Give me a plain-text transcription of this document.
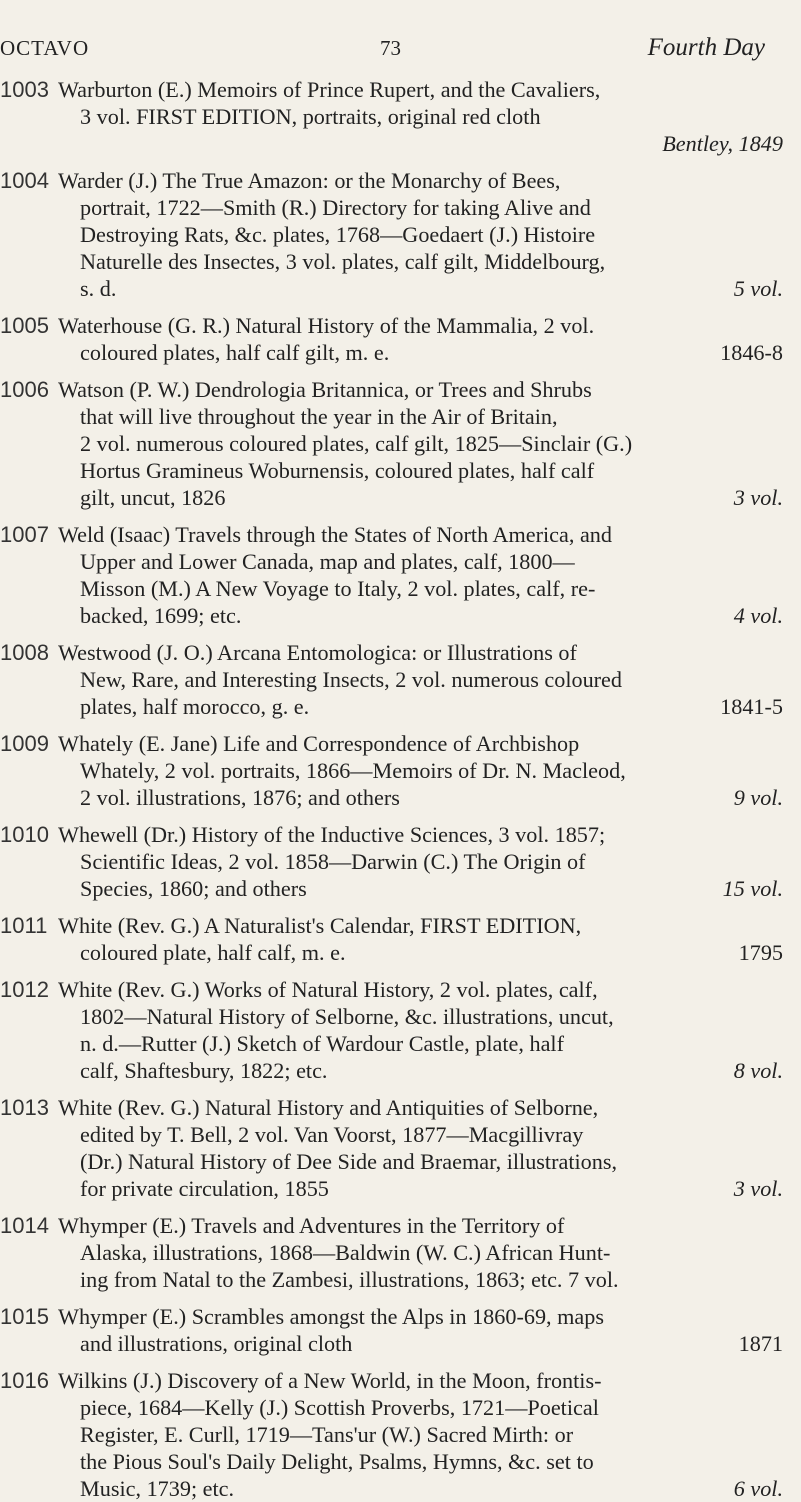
OCTAVO	73	Fourth Day
1003 Warburton (E.) Memoirs of Prince Rupert, and the Cavaliers,
3 vol. FIRST EDITION, portraits, original red cloth
Bentley, 1849
1004 Warder (J.) The True Amazon: or the Monarchy of Bees,
portrait, 1722—Smith (R.) Directory for taking Alive and
Destroying Rats, &c. plates, 1768—Goedaert (J.) Histoire
Naturelle des Insectes, 3 vol. plates, calf gilt, Middelbourg,
5 vol.
s. d.
1005 Waterhouse (G. R.) Natural History of the Mammalia, 2 vol.
1846-8
coloured plates, half calf gilt, m. e.
1006 Watson (P. W.) Dendrologia Britannica, or Trees and Shrubs
that will live throughout the year in the Air of Britain,
2 vol. numerous coloured plates, calf gilt, 1825—Sinclair (G.)
Hortus Gramineus Woburnensis, coloured plates, half calf
3 vol.
gilt, uncut, 1826
1007 Weld (Isaac) Travels through the States of North America, and
Upper and Lower Canada, map and plates, calf, 1800—
Misson (M.) A New Voyage to Italy, 2 vol. plates, calf, re-
4 vol.
backed, 1699; etc.
1008 Westwood (J. O.) Arcana Entomologica: or Illustrations of
New, Rare, and Interesting Insects, 2 vol. numerous coloured
1841-5
plates, half morocco, g. e.
1009 Whately (E. Jane) Life and Correspondence of Archbishop
Whately, 2 vol. portraits, 1866—Memoirs of Dr. N. Macleod,
9 vol.
2 vol. illustrations, 1876; and others
1010 Whewell (Dr.) History of the Inductive Sciences, 3 vol. 1857;
Scientific Ideas, 2 vol. 1858—Darwin (C.) The Origin of
15 vol.
Species, 1860; and others
1011 White (Rev. G.) A Naturalist's Calendar, FIRST EDITION,
1795
coloured plate, half calf, m. e.
1012 White (Rev. G.) Works of Natural History, 2 vol. plates, calf,
1802—Natural History of Selborne, &c. illustrations, uncut,
n. d.—Rutter (J.) Sketch of Wardour Castle, plate, half
8 vol.
calf, Shaftesbury, 1822; etc.
1013 White (Rev. G.) Natural History and Antiquities of Selborne,
edited by T. Bell, 2 vol. Van Voorst, 1877—Macgillivray
(Dr.) Natural History of Dee Side and Braemar, illustrations,
3 vol.
for private circulation, 1855
1014 Whymper (E.) Travels and Adventures in the Territory of
Alaska, illustrations, 1868—Baldwin (W. C.) African Hunt-
ing from Natal to the Zambesi, illustrations, 1863; etc. 7 vol.
1015 Whymper (E.) Scrambles amongst the Alps in 1860-69, maps
1871
and illustrations, original cloth
1016 Wilkins (J.) Discovery of a New World, in the Moon, frontis-
piece, 1684—Kelly (J.) Scottish Proverbs, 1721—Poetical
Register, E. Curll, 1719—Tans'ur (W.) Sacred Mirth: or
the Pious Soul's Daily Delight, Psalms, Hymns, &c. set to
6 vol.
Music, 1739; etc.
